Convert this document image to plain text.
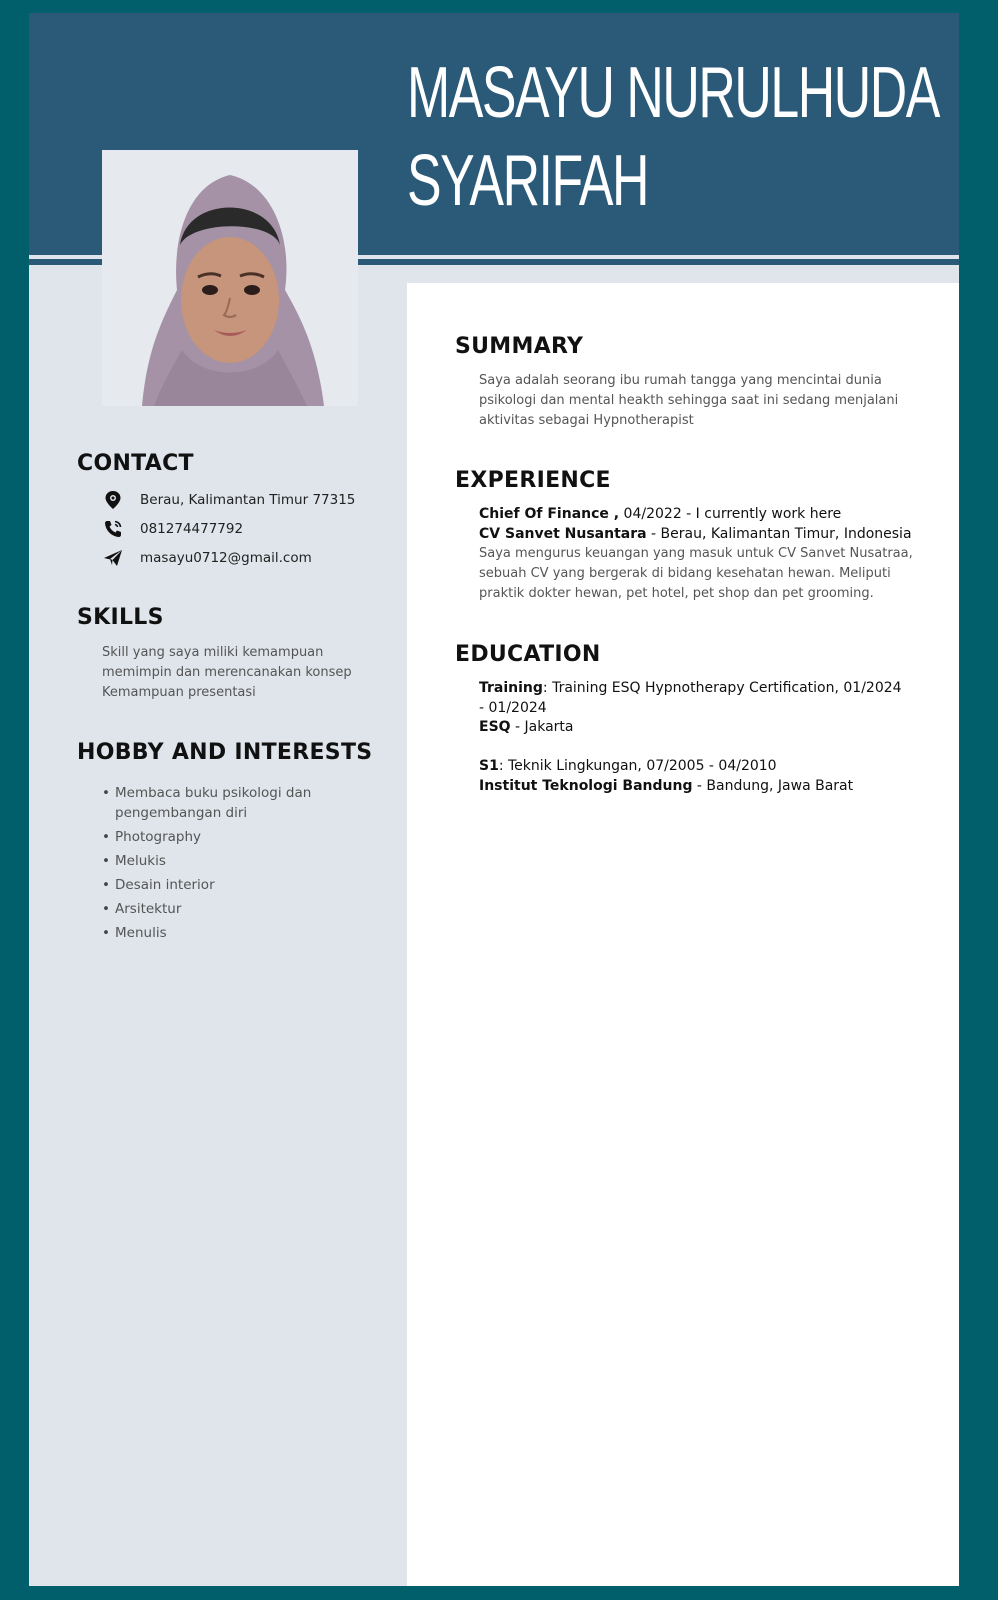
MASAYU NURULHUDA
SYARIFAH
CONTACT
Berau, Kalimantan Timur 77315
081274477792
masayu0712@gmail.com
SKILLS
Skill yang saya miliki kemampuan
memimpin dan merencanakan konsep
Kemampuan presentasi
HOBBY AND INTERESTS
• Membaca buku psikologi dan pengembangan diri
• Photography
• Melukis
• Desain interior
• Arsitektur
• Menulis
SUMMARY
Saya adalah seorang ibu rumah tangga yang mencintai dunia psikologi dan mental heakth sehingga saat ini sedang menjalani aktivitas sebagai Hypnotherapist
EXPERIENCE
Chief Of Finance , 04/2022 - I currently work here
CV Sanvet Nusantara - Berau, Kalimantan Timur, Indonesia
Saya mengurus keuangan yang masuk untuk CV Sanvet Nusatraa, sebuah CV yang bergerak di bidang kesehatan hewan. Meliputi praktik dokter hewan, pet hotel, pet shop dan pet grooming.
EDUCATION
Training: Training ESQ Hypnotherapy Certification, 01/2024 - 01/2024
ESQ - Jakarta
S1: Teknik Lingkungan, 07/2005 - 04/2010
Institut Teknologi Bandung - Bandung, Jawa Barat
